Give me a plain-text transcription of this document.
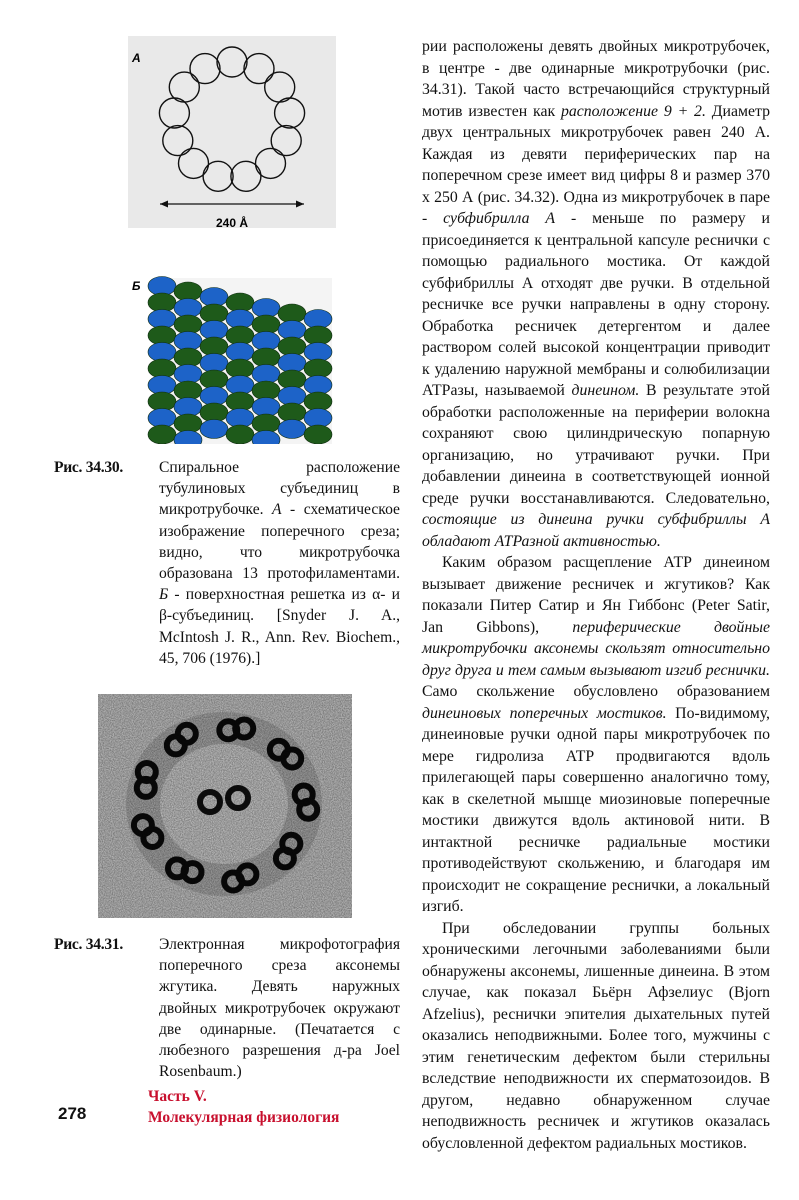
А
240 Å
Б
Рис. 34.30.	Спиральное расположение тубулиновых субъединиц в микротрубочке. А - схематическое изображение поперечного среза; видно, что микротрубочка образована 13 протофиламентами. Б - поверхностная решетка из α- и β-субъединиц. [Snyder J. A., McIntosh J. R., Ann. Rev. Biochem., 45, 706 (1976).]
Рис. 34.31.	Электронная микрофотография поперечного среза аксонемы жгутика. Девять наружных двойных микротрубочек окружают две одинарные. (Печатается с любезного разрешения д-ра Joel Rosenbaum.)

рии расположены девять двойных микротрубочек, в центре - две одинарные микротрубочки (рис. 34.31). Такой часто встречающийся структурный мотив известен как расположение 9 + 2. Диаметр двух центральных микротрубочек равен 240 А. Каждая из девяти периферических пар на поперечном срезе имеет вид цифры 8 и размер 370 х 250 А (рис. 34.32). Одна из микротрубочек в паре - субфибрилла А - меньше по размеру и присоединяется к центральной капсуле реснички с помощью радиального мостика. От каждой субфибриллы А отходят две ручки. В отдельной ресничке все ручки направлены в одну сторону. Обработка ресничек детергентом и далее раствором солей высокой концентрации приводит к удалению наружной мембраны и солюбилизации АТРазы, называемой динеином. В результате этой обработки расположенные на периферии волокна сохраняют свою цилиндрическую попарную организацию, но утрачивают ручки. При добавлении динеина в соответствующей ионной среде ручки восстанавливаются. Следовательно, состоящие из динеина ручки субфибриллы А обладают АТРазной активностью.

Каким образом расщепление АТР динеином вызывает движение ресничек и жгутиков? Как показали Питер Сатир и Ян Гиббонс (Peter Satir, Jan Gibbons), периферические двойные микротрубочки аксонемы скользят относительно друг друга и тем самым вызывают изгиб реснички. Само скольжение обусловлено образованием динеиновых поперечных мостиков. По-видимому, динеиновые ручки одной пары микротрубочек по мере гидролиза АТР продвигаются вдоль прилегающей пары совершенно аналогично тому, как в скелетной мышце миозиновые поперечные мостики движутся вдоль актиновой нити. В интактной ресничке радиальные мостики противодействуют скольжению, и благодаря им происходит не сокращение реснички, а локальный изгиб.

При обследовании группы больных хроническими легочными заболеваниями были обнаружены аксонемы, лишенные динеина. В этом случае, как показал Бьёрн Афзелиус (Bjorn Afzelius), реснички эпителия дыхательных путей оказались неподвижными. Более того, мужчины с этим генетическим дефектом были стерильны вследствие неподвижности их сперматозоидов. В другом, недавно обнаруженном случае неподвижность ресничек и жгутиков оказалась обусловленной дефектом радиальных мостиков.

278
Часть V.
Молекулярная физиология
